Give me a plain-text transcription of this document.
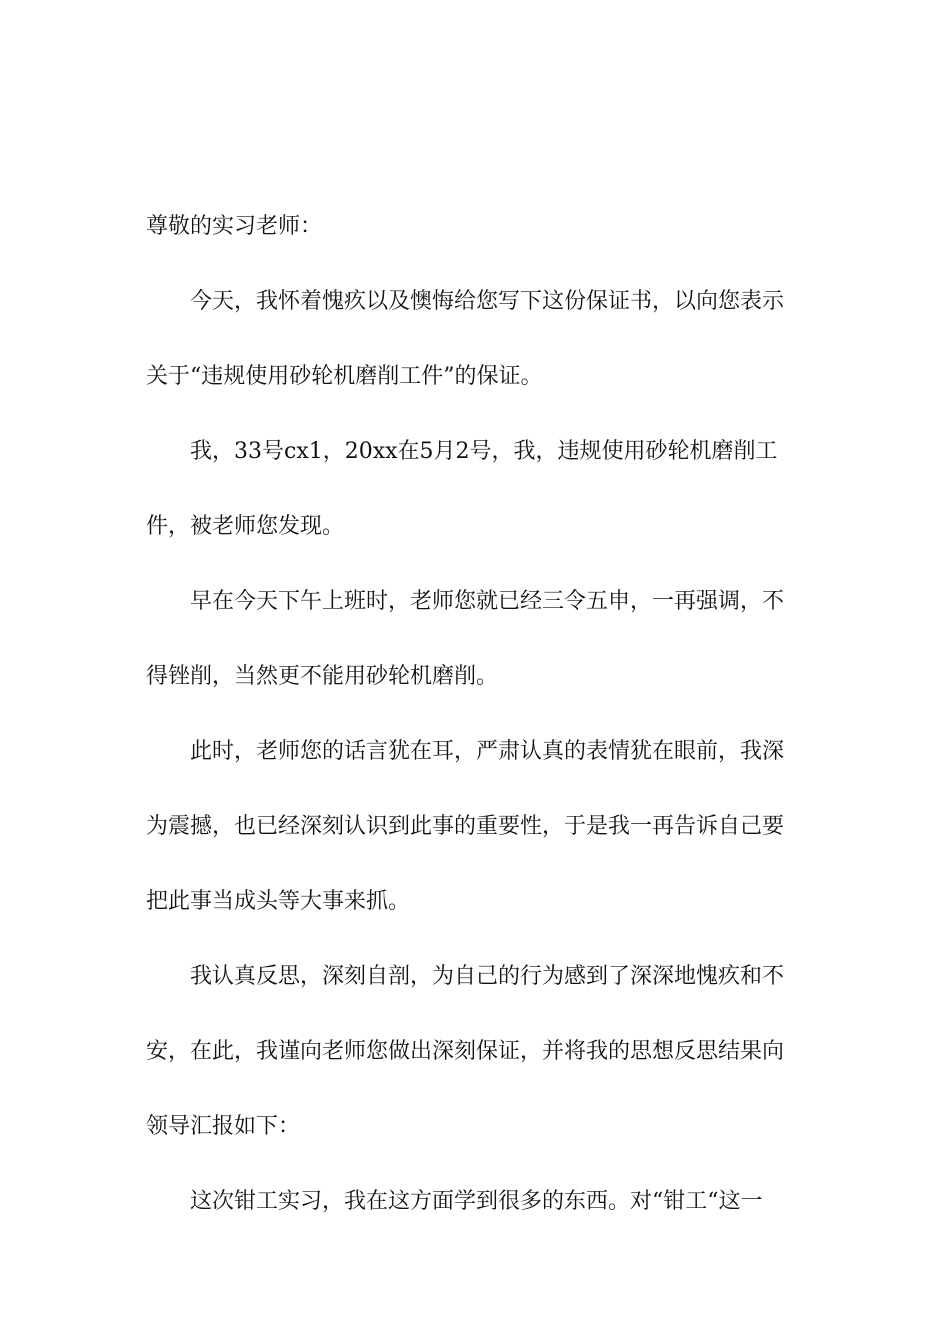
尊敬的实习老师：
今天，我怀着愧疚以及懊悔给您写下这份保证书，以向您表示
关于“违规使用砂轮机磨削工件”的保证。
我，33号cx1，20xx在5月2号，我，违规使用砂轮机磨削工
件，被老师您发现。
早在今天下午上班时，老师您就已经三令五申，一再强调，不
得锉削，当然更不能用砂轮机磨削。
此时，老师您的话言犹在耳，严肃认真的表情犹在眼前，我深
为震撼，也已经深刻认识到此事的重要性，于是我一再告诉自己要
把此事当成头等大事来抓。
我认真反思，深刻自剖，为自己的行为感到了深深地愧疚和不
安，在此，我谨向老师您做出深刻保证，并将我的思想反思结果向
领导汇报如下：
这次钳工实习，我在这方面学到很多的东西。对“钳工“这一
